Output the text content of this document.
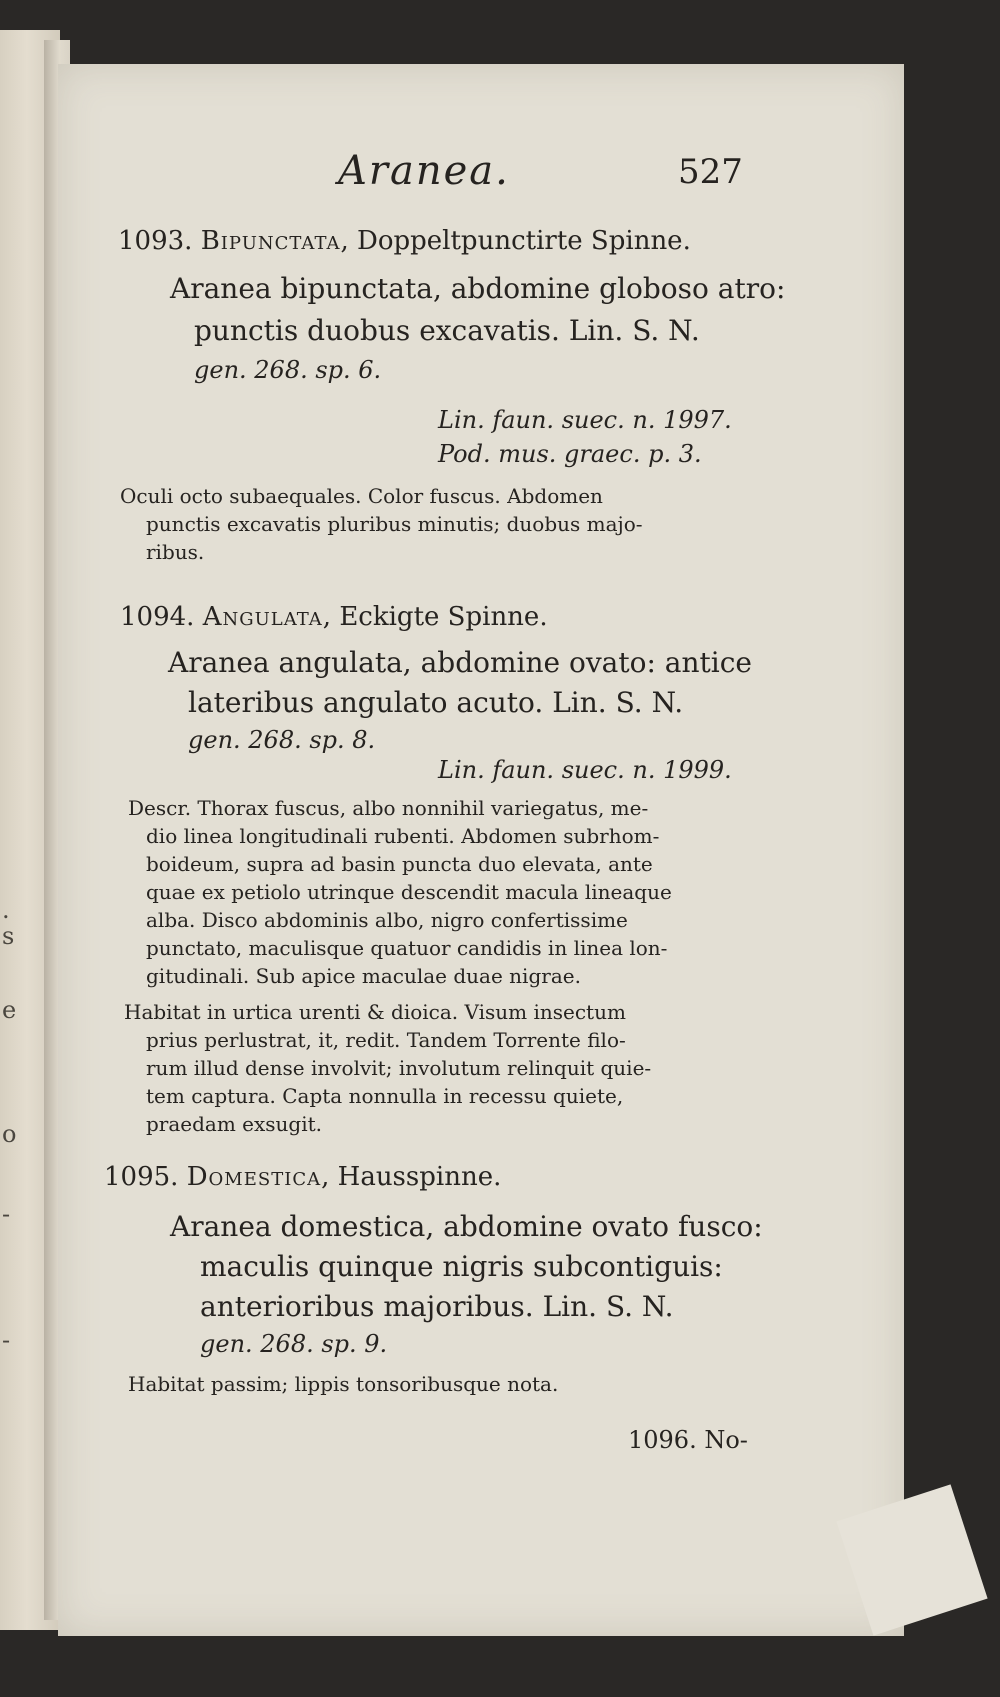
.
s
e
o
-
-
Aranea.	527
1093. Bipunctata, Doppeltpunctirte Spinne.
Aranea bipunctata, abdomine globoso atro:
punctis duobus excavatis. Lin. S. N.
gen. 268. sp. 6.
Lin. faun. suec. n. 1997.
Pod. mus. graec. p. 3.
Oculi octo subaequales. Color fuscus. Abdomen
punctis excavatis pluribus minutis; duobus majo-
ribus.
1094. Angulata, Eckigte Spinne.
Aranea angulata, abdomine ovato: antice
lateribus angulato acuto. Lin. S. N.
gen. 268. sp. 8.
Lin. faun. suec. n. 1999.
Descr. Thorax fuscus, albo nonnihil variegatus, me-
dio linea longitudinali rubenti. Abdomen subrhom-
boideum, supra ad basin puncta duo elevata, ante
quae ex petiolo utrinque descendit macula lineaque
alba. Disco abdominis albo, nigro confertissime
punctato, maculisque quatuor candidis in linea lon-
gitudinali. Sub apice maculae duae nigrae.
Habitat in urtica urenti & dioica. Visum insectum
prius perlustrat, it, redit. Tandem Torrente filo-
rum illud dense involvit; involutum relinquit quie-
tem captura. Capta nonnulla in recessu quiete,
praedam exsugit.
1095. Domestica, Hausspinne.
Aranea domestica, abdomine ovato fusco:
maculis quinque nigris subcontiguis:
anterioribus majoribus. Lin. S. N.
gen. 268. sp. 9.
Habitat passim; lippis tonsoribusque nota.
1096. No-
